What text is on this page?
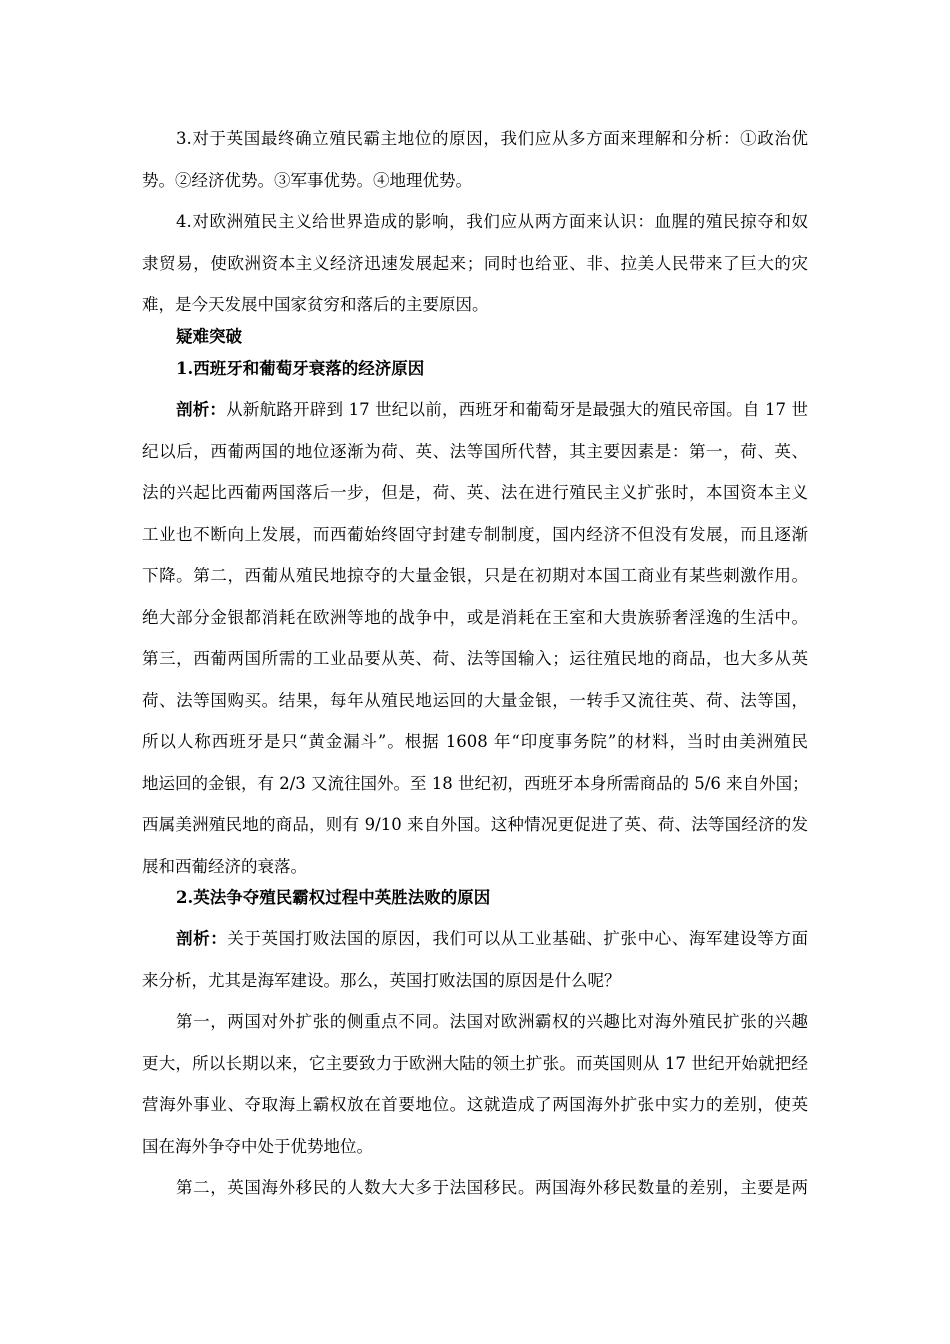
3.对于英国最终确立殖民霸主地位的原因，我们应从多方面来理解和分析：①政治优
势。②经济优势。③军事优势。④地理优势。
4.对欧洲殖民主义给世界造成的影响，我们应从两方面来认识：血腥的殖民掠夺和奴
隶贸易，使欧洲资本主义经济迅速发展起来；同时也给亚、非、拉美人民带来了巨大的灾
难，是今天发展中国家贫穷和落后的主要原因。
疑难突破
1.西班牙和葡萄牙衰落的经济原因
剖析：从新航路开辟到 17 世纪以前，西班牙和葡萄牙是最强大的殖民帝国。自 17 世
纪以后，西葡两国的地位逐渐为荷、英、法等国所代替，其主要因素是：第一，荷、英、
法的兴起比西葡两国落后一步，但是，荷、英、法在进行殖民主义扩张时，本国资本主义
工业也不断向上发展，而西葡始终固守封建专制制度，国内经济不但没有发展，而且逐渐
下降。第二，西葡从殖民地掠夺的大量金银，只是在初期对本国工商业有某些刺激作用。
绝大部分金银都消耗在欧洲等地的战争中，或是消耗在王室和大贵族骄奢淫逸的生活中。
第三，西葡两国所需的工业品要从英、荷、法等国输入；运往殖民地的商品，也大多从英
荷、法等国购买。结果，每年从殖民地运回的大量金银，一转手又流往英、荷、法等国，
所以人称西班牙是只“黄金漏斗”。根据 1608 年“印度事务院”的材料，当时由美洲殖民
地运回的金银，有 2/3 又流往国外。至 18 世纪初，西班牙本身所需商品的 5/6 来自外国；
西属美洲殖民地的商品，则有 9/10 来自外国。这种情况更促进了英、荷、法等国经济的发
展和西葡经济的衰落。
2.英法争夺殖民霸权过程中英胜法败的原因
剖析：关于英国打败法国的原因，我们可以从工业基础、扩张中心、海军建设等方面
来分析，尤其是海军建设。那么，英国打败法国的原因是什么呢？
第一，两国对外扩张的侧重点不同。法国对欧洲霸权的兴趣比对海外殖民扩张的兴趣
更大，所以长期以来，它主要致力于欧洲大陆的领土扩张。而英国则从 17 世纪开始就把经
营海外事业、夺取海上霸权放在首要地位。这就造成了两国海外扩张中实力的差别，使英
国在海外争夺中处于优势地位。
第二，英国海外移民的人数大大多于法国移民。两国海外移民数量的差别，主要是两
